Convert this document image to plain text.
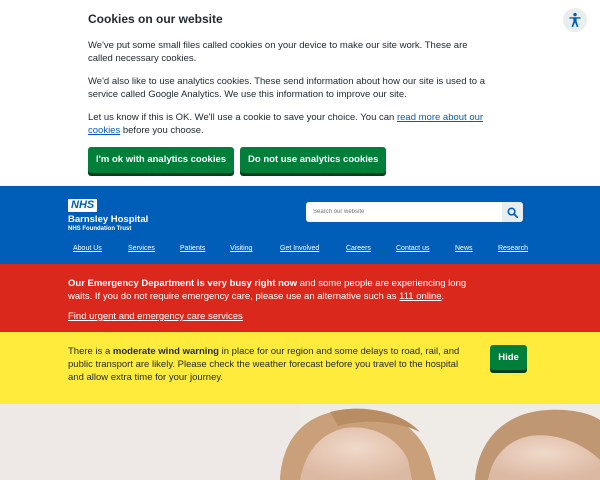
Cookies on our website

We've put some small files called cookies on your device to make our site work. These are called necessary cookies.

We'd also like to use analytics cookies. These send information about how our site is used to a service called Google Analytics. We use this information to improve our site.

Let us know if this is OK. We'll use a cookie to save your choice. You can read more about our cookies before you choose.

I'm ok with analytics cookies	Do not use analytics cookies
NHS
Barnsley Hospital
NHS Foundation Trust
Search our website
About Us	Services	Patients	Visiting	Get Involved	Careers	Contact us	News	Research

Our Emergency Department is very busy right now and some people are experiencing long waits. If you do not require emergency care, please use an alternative such as 111 online.

Find urgent and emergency care services

There is a moderate wind warning in place for our region and some delays to road, rail, and public transport are likely. Please check the weather forecast before you travel to the hospital and allow extra time for your journey.

Hide
